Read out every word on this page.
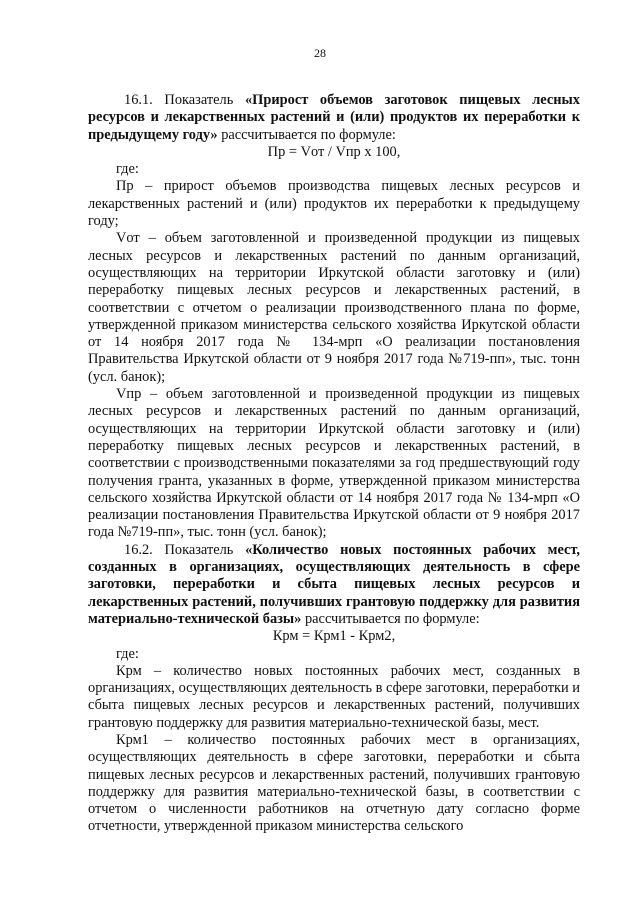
28

16.1. Показатель «Прирост объемов заготовок пищевых лесных ресурсов и лекарственных растений и (или) продуктов их переработки к предыдущему году» рассчитывается по формуле:

Пр = Vот / Vпр х 100,

где:

Пр – прирост объемов производства пищевых лесных ресурсов и лекарственных растений и (или) продуктов их переработки к предыдущему году;

Vот – объем заготовленной и произведенной продукции из пищевых лесных ресурсов и лекарственных растений по данным организаций, осуществляющих на территории Иркутской области заготовку и (или) переработку пищевых лесных ресурсов и лекарственных растений, в соответствии с отчетом о реализации производственного плана по форме, утвержденной приказом министерства сельского хозяйства Иркутской области от 14 ноября 2017 года № 134-мрп «О реализации постановления Правительства Иркутской области от 9 ноября 2017 года №719-пп», тыс. тонн (усл. банок);

Vпр – объем заготовленной и произведенной продукции из пищевых лесных ресурсов и лекарственных растений по данным организаций, осуществляющих на территории Иркутской области заготовку и (или) переработку пищевых лесных ресурсов и лекарственных растений, в соответствии с производственными показателями за год предшествующий году получения гранта, указанных в форме, утвержденной приказом министерства сельского хозяйства Иркутской области от 14 ноября 2017 года № 134-мрп «О реализации постановления Правительства Иркутской области от 9 ноября 2017 года №719-пп», тыс. тонн (усл. банок);

16.2. Показатель «Количество новых постоянных рабочих мест, созданных в организациях, осуществляющих деятельность в сфере заготовки, переработки и сбыта пищевых лесных ресурсов и лекарственных растений, получивших грантовую поддержку для развития материально-технической базы» рассчитывается по формуле:

Крм = Крм1 - Крм2,

где:

Крм – количество новых постоянных рабочих мест, созданных в организациях, осуществляющих деятельность в сфере заготовки, переработки и сбыта пищевых лесных ресурсов и лекарственных растений, получивших грантовую поддержку для развития материально-технической базы, мест.

Крм1 – количество постоянных рабочих мест в организациях, осуществляющих деятельность в сфере заготовки, переработки и сбыта пищевых лесных ресурсов и лекарственных растений, получивших грантовую поддержку для развития материально-технической базы, в соответствии с отчетом о численности работников на отчетную дату согласно форме отчетности, утвержденной приказом министерства сельского
